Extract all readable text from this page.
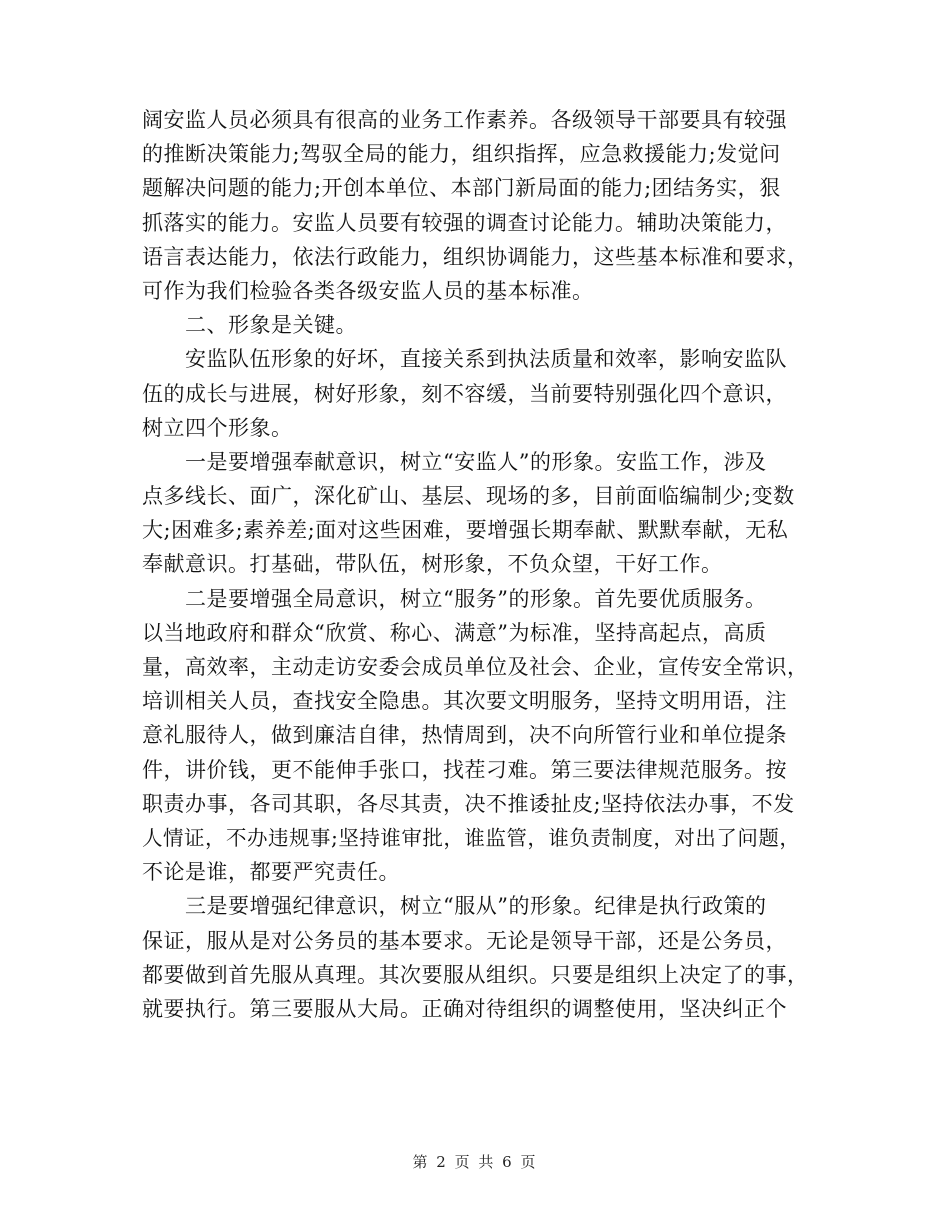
阔安监人员必须具有很高的业务工作素养。各级领导干部要具有较强
的推断决策能力;驾驭全局的能力，组织指挥，应急救援能力;发觉问
题解决问题的能力;开创本单位、本部门新局面的能力;团结务实，狠
抓落实的能力。安监人员要有较强的调查讨论能力。辅助决策能力，
语言表达能力，依法行政能力，组织协调能力，这些基本标准和要求，
可作为我们检验各类各级安监人员的基本标准。
二、形象是关键。
安监队伍形象的好坏，直接关系到执法质量和效率，影响安监队
伍的成长与进展，树好形象，刻不容缓，当前要特别强化四个意识，
树立四个形象。
一是要增强奉献意识，树立“安监人”的形象。安监工作，涉及
点多线长、面广，深化矿山、基层、现场的多，目前面临编制少;变数
大;困难多;素养差;面对这些困难，要增强长期奉献、默默奉献，无私
奉献意识。打基础，带队伍，树形象，不负众望，干好工作。
二是要增强全局意识，树立“服务”的形象。首先要优质服务。
以当地政府和群众“欣赏、称心、满意”为标准，坚持高起点，高质
量，高效率，主动走访安委会成员单位及社会、企业，宣传安全常识，
培训相关人员，查找安全隐患。其次要文明服务，坚持文明用语，注
意礼服待人，做到廉洁自律，热情周到，决不向所管行业和单位提条
件，讲价钱，更不能伸手张口，找茬刁难。第三要法律规范服务。按
职责办事，各司其职，各尽其责，决不推诿扯皮;坚持依法办事，不发
人情证，不办违规事;坚持谁审批，谁监管，谁负责制度，对出了问题，
不论是谁，都要严究责任。
三是要增强纪律意识，树立“服从”的形象。纪律是执行政策的
保证，服从是对公务员的基本要求。无论是领导干部，还是公务员，
都要做到首先服从真理。其次要服从组织。只要是组织上决定了的事，
就要执行。第三要服从大局。正确对待组织的调整使用，坚决纠正个
第 2 页 共 6 页
